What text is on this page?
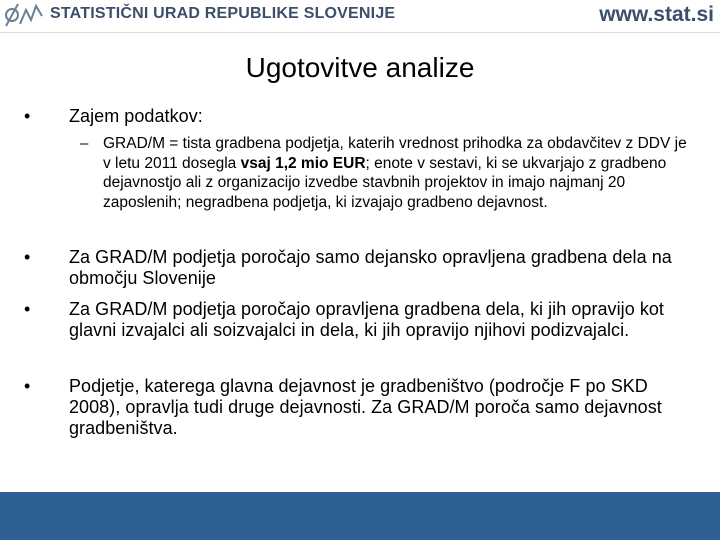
STATISTIČNI URAD REPUBLIKE SLOVENIJE	www.stat.si
Ugotovitve analize
• Zajem podatkov:
– GRAD/M = tista gradbena podjetja, katerih vrednost prihodka za obdavčitev z DDV je v letu 2011 dosegla vsaj 1,2 mio EUR; enote v sestavi, ki se ukvarjajo z gradbeno dejavnostjo ali z organizacijo izvedbe stavbnih projektov in imajo najmanj 20 zaposlenih; negradbena podjetja, ki izvajajo gradbeno dejavnost.
• Za GRAD/M podjetja poročajo samo dejansko opravljena gradbena dela na območju Slovenije
• Za GRAD/M podjetja poročajo opravljena gradbena dela, ki jih opravijo kot glavni izvajalci ali soizvajalci in dela, ki jih opravijo njihovi podizvajalci.
• Podjetje, katerega glavna dejavnost je gradbeništvo (področje F po SKD 2008), opravlja tudi druge dejavnosti. Za GRAD/M poroča samo dejavnost gradbeništva.
